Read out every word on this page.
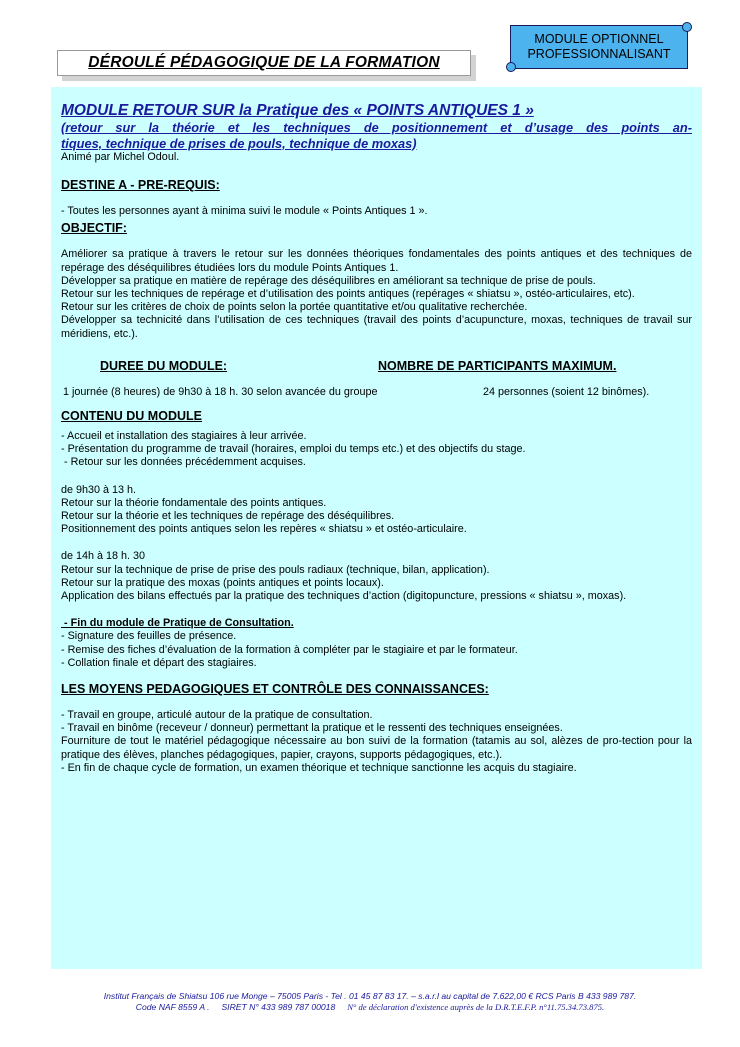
DÉROULÉ PÉDAGOGIQUE DE LA FORMATION
MODULE OPTIONNEL
PROFESSIONNALISANT
MODULE RETOUR SUR la Pratique des « POINTS ANTIQUES 1 »
(retour sur la théorie et les techniques de positionnement et d’usage des points an-
tiques, technique de prises de pouls, technique de moxas)

Animé par Michel Odoul.

DESTINE A - PRE-REQUIS:

- Toutes les personnes ayant à minima suivi le module « Points Antiques 1 ».

OBJECTIF:

Améliorer sa pratique à travers le retour sur les données théoriques fondamentales des points antiques et des techniques de repérage des déséquilibres étudiées lors du module Points Antiques 1.

Développer sa pratique en matière de repérage des déséquilibres en améliorant sa technique de prise de pouls.

Retour sur les techniques de repérage et d’utilisation des points antiques (repérages « shiatsu », ostéo-articulaires, etc).

Retour sur les critères de choix de points selon la portée quantitative et/ou qualitative recherchée.

Développer sa technicité dans l’utilisation de ces techniques (travail des points d’acupuncture, moxas, techniques de travail sur méridiens, etc.).

DUREE DU MODULE:	NOMBRE DE PARTICIPANTS MAXIMUM.
1 journée (8 heures) de 9h30 à 18 h. 30 selon avancée du groupe	24 personnes (soient 12 binômes).
CONTENU DU MODULE

- Accueil et installation des stagiaires à leur arrivée.

- Présentation du programme de travail (horaires, emploi du temps etc.) et des objectifs du stage.

- Retour sur les données précédemment acquises.

de 9h30 à 13 h.

Retour sur la théorie fondamentale des points antiques.

Retour sur la théorie et les techniques de repérage des déséquilibres.

Positionnement des points antiques selon les repères « shiatsu » et ostéo-articulaire.

de 14h à 18 h. 30

Retour sur la technique de prise de prise des pouls radiaux (technique, bilan, application).

Retour sur la pratique des moxas (points antiques et points locaux).

Application des bilans effectués par la pratique des techniques d’action (digitopuncture, pressions « shiatsu », moxas).

- Fin du module de Pratique de Consultation.

- Signature des feuilles de présence.

- Remise des fiches d’évaluation de la formation à compléter par le stagiaire et par le formateur.

- Collation finale et départ des stagiaires.

LES MOYENS PEDAGOGIQUES ET CONTRÔLE DES CONNAISSANCES:

- Travail en groupe, articulé autour de la pratique de consultation.

- Travail en binôme (receveur / donneur) permettant la pratique et le ressenti des techniques enseignées.

Fourniture de tout le matériel pédagogique nécessaire au bon suivi de la formation (tatamis au sol, alèzes de pro-tection pour la pratique des élèves, planches pédagogiques, papier, crayons, supports pédagogiques, etc.).

- En fin de chaque cycle de formation, un examen théorique et technique sanctionne les acquis du stagiaire.

Institut Français de Shiatsu 106 rue Monge – 75005 Paris - Tel . 01 45 87 83 17. – s.a.r.l au capital de 7.622,00 € RCS Paris B 433 989 787.
Code NAF 8559 A .     SIRET N° 433 989 787 00018     N° de déclaration d'existence auprès de la D.R.T.E.F.P. n°11.75.34.73.875.
